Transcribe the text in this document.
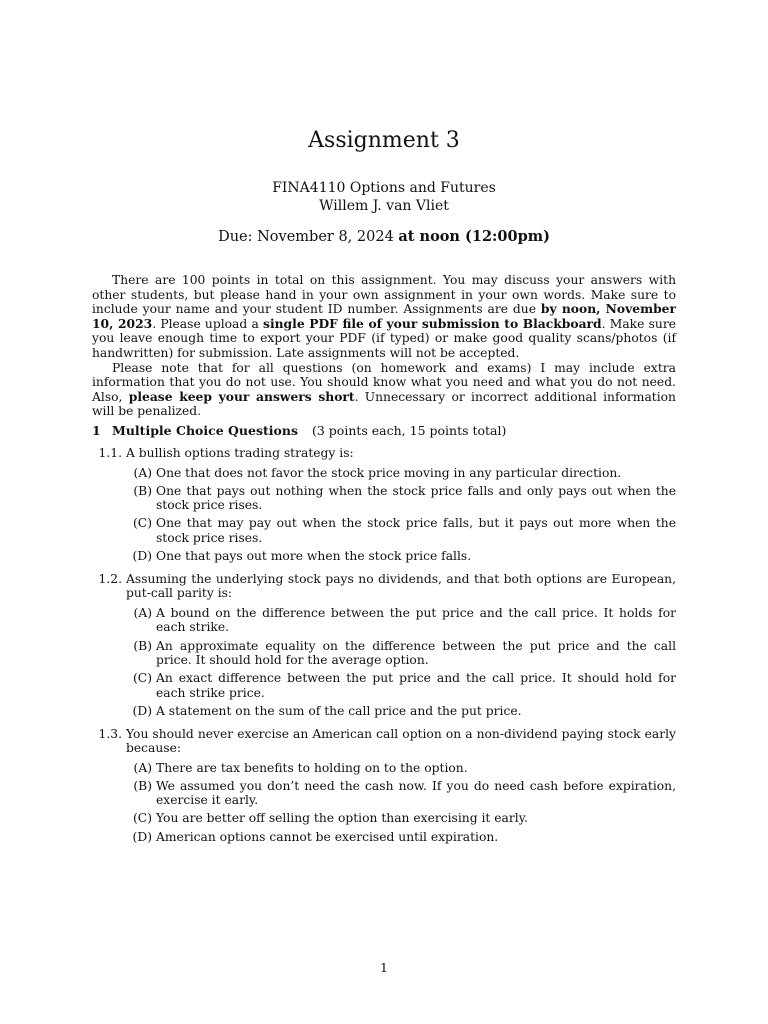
Assignment 3
FINA4110 Options and Futures
Willem J. van Vliet
Due: November 8, 2024 at noon (12:00pm)

There are 100 points in total on this assignment. You may discuss your answers with other students, but please hand in your own assignment in your own words. Make sure to include your name and your student ID number. Assignments are due by noon, November 10, 2023. Please upload a single PDF file of your submission to Blackboard. Make sure you leave enough time to export your PDF (if typed) or make good quality scans/photos (if handwritten) for submission. Late assignments will not be accepted.

Please note that for all questions (on homework and exams) I may include extra information that you do not use. You should know what you need and what you do not need. Also, please keep your answers short. Unnecessary or incorrect additional information will be penalized.

1 Multiple Choice Questions (3 points each, 15 points total)
1.1. A bullish options trading strategy is:
(A) One that does not favor the stock price moving in any particular direction.
(B) One that pays out nothing when the stock price falls and only pays out when the stock price rises.
(C) One that may pay out when the stock price falls, but it pays out more when the stock price rises.
(D) One that pays out more when the stock price falls.
1.2. Assuming the underlying stock pays no dividends, and that both options are European, put-call parity is:
(A) A bound on the difference between the put price and the call price. It holds for each strike.
(B) An approximate equality on the difference between the put price and the call price. It should hold for the average option.
(C) An exact difference between the put price and the call price. It should hold for each strike price.
(D) A statement on the sum of the call price and the put price.
1.3. You should never exercise an American call option on a non-dividend paying stock early because:
(A) There are tax benefits to holding on to the option.
(B) We assumed you don’t need the cash now. If you do need cash before expiration, exercise it early.
(C) You are better off selling the option than exercising it early.
(D) American options cannot be exercised until expiration.
1
